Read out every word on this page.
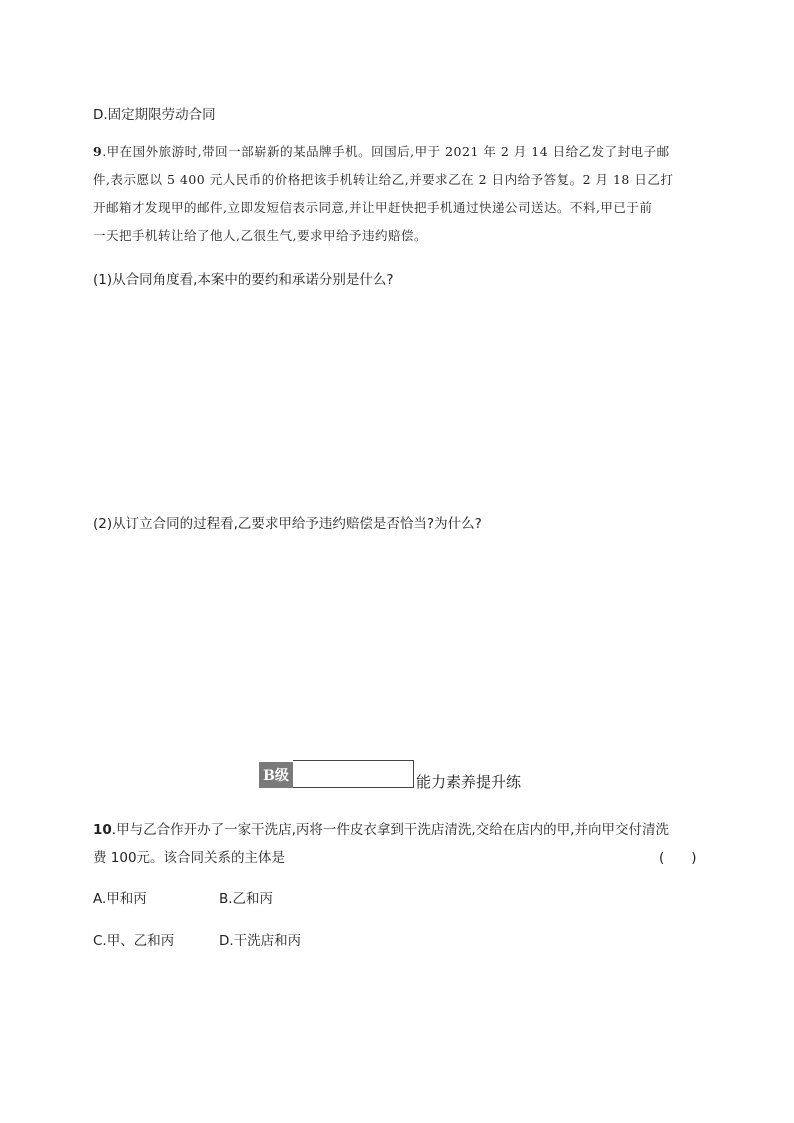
D.固定期限劳动合同
9.甲在国外旅游时,带回一部崭新的某品牌手机。回国后,甲于 2021 年 2 月 14 日给乙发了封电子邮
件,表示愿以 5 400 元人民币的价格把该手机转让给乙,并要求乙在 2 日内给予答复。2 月 18 日乙打
开邮箱才发现甲的邮件,立即发短信表示同意,并让甲赶快把手机通过快递公司送达。不料,甲已于前
一天把手机转让给了他人,乙很生气,要求甲给予违约赔偿。
(1)从合同角度看,本案中的要约和承诺分别是什么?
(2)从订立合同的过程看,乙要求甲给予违约赔偿是否恰当?为什么?
B级	能力素养提升练
10.甲与乙合作开办了一家干洗店,丙将一件皮衣拿到干洗店清洗,交给在店内的甲,并向甲交付清洗
费 100元。该合同关系的主体是	(　　)
A.甲和丙	B.乙和丙
C.甲、乙和丙	D.干洗店和丙
